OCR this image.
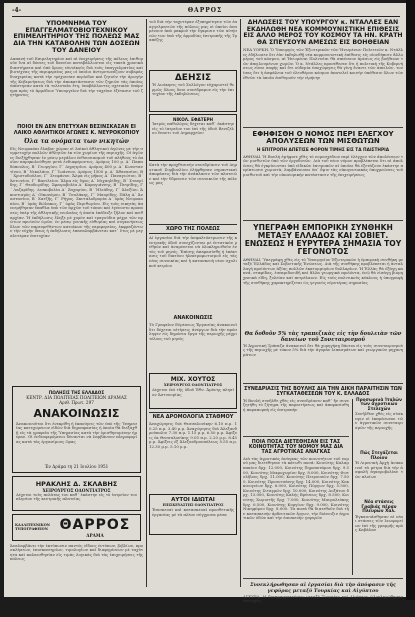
-4-	ΘΑΡΡΟΣ

ΥΠΟΜΝΗΜΑ ΤΟΥ ΕΠΑΓΓΕΛΜΑΤΟΒΙΟΤΕΧΝΙΚΟΥ ΕΠΙΜΕΛΗΤΗΡΙΟΥ ΤΗΣ ΠΟΛΕΩΣ ΜΑΣ ΔΙΑ ΤΗΝ ΚΑΤΑΒΟΛΗΝ ΤΩΝ ΔΟΣΕΩΝ ΤΟΥ ΔΑΝΕΙΟΥ

Δαπανή τοῦ Επιμελητηρίου καὶ αἱ ἐπιχειρήσεις τῆς πόλεως ἐπιθυμοῦν ἵνα αἱ δόσεις τοῦ δανείου καταβάλλωνται εἰς τακτὰ χρονικὰ διαστήματα καὶ ὑπὸ ὅρους εὐνοϊκούς διὰ τοὺς ἐπαγγελματίας καὶ βιοτέχνας τῆς περιφερείας μας οἱ ὁποῖοι ἀντιμετωπίζουν σοβαρὰς δυσχερείας κατὰ τὴν τρέχουσαν περίοδον καὶ ζητοῦν τὴν ἀρωγὴν τῆς Κυβερνήσεως διὰ τὴν ἀποκατάστασιν τῶν ζημιῶν τὰς ὁποίας ὑπέστησαν κατὰ τὰ τελευταῖα ἔτη, ὑποβάλλοντες σχετικὸν ὑπόμνημα πρὸς τὸ ἁρμόδιον Ὑπουργεῖον διὰ τὴν ταχεῖαν ἐξέτασιν τοῦ ζητήματος

ΠΟΙΟΙ ΕΝ ΔΕΝ ΕΠΕΤΥΧΑΝ ΒΕΣΙΝΣΚΑΣΑΝ ΕΙ ΛΑΙΚΟ ΑΘΛΗΤΙΚΟΙ ΑΓΩΝΕΣ Κ. ΝΕΥΡΟΚΟΠΙΟΥ

Όλα τα ονόματα των νικητών

Εἰς Νευροκόπι ἔλαβον χώραν οἱ λαϊκοὶ ἀθλητικοὶ ἀγῶνες μὲ τὴν συμμετοχὴν πολλῶν ἀθλητῶν ἐκ τῶν χωρίων τῆς περιοχῆς. Οἱ ἀγῶνες διεξήχθησαν ἐν μέσῳ μεγάλου ἐνθουσιασμοῦ τοῦ πλήθους τὸ ὁποῖον παρηκολούθησε μετὰ ἐνδιαφέροντος. Δρόμος 100 μ. Α΄ Παπαδόπουλος, Β΄ Γεωργίου, Γ΄ Δημητρίου. Δρόμος 400 μ. Α΄ Κωνσταντίνου, Β΄ Νικολάου, Γ΄ Ἰωάννου. Δρόμος 1500 μ. Α΄ Ἀθανασίου, Β΄ Χριστοδούλου, Γ΄ Στεφάνου. Ἅλμα εἰς μῆκος Α΄ Παναγιώτου, Β΄ Ἀντωνίου, Γ΄ Βασιλείου. Ἅλμα εἰς ὕψος Α΄ Μιχαηλίδης, Β΄ Σταυρίδης, Γ΄ Θεοδωρίδης. Σφαιροβολία Α΄ Καραγιάννης, Β΄ Πετρίδης, Γ΄ Λαζαρίδης. Δισκοβολία Α΄ Ζαχαρίου, Β΄ Ἠλιάδης, Γ΄ Ἀλεξίου. Ἀκοντισμὸς Α΄ Οἰκονόμου, Β΄ Τσολάκης, Γ΄ Μαυρίδης. Πάλη Α΄ Ἀναστασίου, Β΄ Χατζῆς, Γ΄ Ρήγας. Σκυταλοδρομία Α΄ ὁμὰς Νευροκοπίου, Β΄ ὁμὰς Βώλακος, Γ΄ ὁμὰς Περιθωρίου. Εἰς τοὺς νικητὰς ἀπενεμήθησαν ἔπαθλα ὑπὸ τῶν ἀρχῶν τοῦ τόπου καὶ ἐγένοντο προπόσεις ὑπὲρ τῆς ἀθλητικῆς νεολαίας ἡ ὁποία ἐπέδειξε ζῆλον καὶ πειθαρχίαν. Ἡ ἐκδήλωσις ἔληξε μὲ χορὸν καὶ τραγούδια μέχρι τῶν πρώτων πρωϊνῶν ὡρῶν, ἐν μέσῳ γενικῆς εὐθυμίας καὶ συγκινήσεως ὅλων τῶν παρευρεθέντων κατοίκων τῆς περιφερείας, ἐκφραζόντων τὴν εὐχὴν ὅπως ἡ ἐκδήλωσις ἐπαναλαμβάνεται κατ᾽ ἔτος μὲ μεγαλυτέραν ἐπιτυχίαν

ΠΩΛΗΣΙΣ ΤΗΣ ΕΛΛΑΔΟΣ
ΚΕΝΤΡ. ΔΙΑ ΠΟΛΙΤΕΙΑΣ ΠΟΛΙΤΕΙΩΝ ΔΡΑΜΑΣ
Αριθ. Πρωτ. 297
ΑΝΑΚΟΙΝΩΣΙΣ

Ἀνακοινοῦται ὅτι ἐνεκρίθη ἡ ἐκποίησις τῶν ὑπὸ τῆς Ὑπηρεσίας κατεχομένων εἰδῶν διὰ δημοπρασίας ἡ ὁποία θὰ διεξαχθῇ εἰς τὰ γραφεῖα τῆς Ὑπηρεσίας κατὰ τὴν ὁρισθησομένην ἡμέραν. Οἱ ἐνδιαφερόμενοι δύνανται νὰ λαμβάνουν πληροφορίας κατὰ τὰς ἐργασίμους ὥρας

Έν Δράμα τη 21 Ιουλίου 1951
ΗΡΑΚΛΗΣ Δ. ΣΚΛΑΒΗΣ
ΧΕΙΡΟΥΡΓΟΣ ΟΔΟΝΤΙΑΤΡΟΣ

Δέχεται τοὺς πελάτας του καθ᾽ ἑκάστην εἰς τὸ ἰατρεῖον του πλησίον τῆς κεντρικῆς πλατείας

ΚΑΛΛΙΤΕΧΝΙΚΟΝ ΤΥΠΟΓΡΑΦΕΙΟΝ ΘΑΡΡΟΣ
ΔΡΑΜΑ

Ἀναλαμβάνει τὴν ἐκτύπωσιν παντὸς εἴδους ἐντύπων, βιβλίων, προσκλήσεων, ἐπισκεπτηρίων, τιμολογίων καὶ διαφημίσεων μὲ ταχύτητα καὶ καλαισθησίαν εἰς τιμὰς λογικὰς διὰ τὰς ἐπιχειρήσεις τῆς πόλεως

τοῦ διὰ τὴν ταχυτέραν ἐξυπηρέτησιν τῶν ἐπαγγελματιῶν τῆς πόλεως μας οἱ ὁποῖοι ἀναμένουν ἀπὸ μακροῦ τὴν ἔγκρισιν τῶν αἰτήσεών των ὑπὸ τῆς ἁρμοδίας ἐπιτροπῆς τῆς Τραπέζης

ΔΕΗΣΙΣ

Ἡ Διοίκησις τοῦ Συλλόγου εὐχαριστεῖ θερμῶς ὅλους ὅσοι συνέδραμον εἰς τὴν ἐπιτυχίαν τῆς ἐκδηλώσεως

ΝΙΚΟΛ. ΕΦΑΤΕΡΗ

Ἰατρὸς παθολόγος δέχεται καθ᾽ ἑκάστην εἰς τὸ ἰατρεῖον του ἐπὶ τῆς ὁδοῦ Βενιζέλου ἔναντι τοῦ Δημαρχείου

Κατὰ τὴν προχθεσινὴν συνεδρίασιν τοῦ Δημοτικοῦ Συμβουλίου ἐλήφθησαν σημαντικαὶ ἀποφάσεις διὰ τὴν ἀνάπλασιν τῶν πλατειῶν καὶ τὴν ὕδρευσιν τῶν συνοικιῶν τῆς πόλεως μας

ΧΩΡΟ ΤΗΣ ΠΟΛΕΩΣ

Αἱ ἐργασίαι διὰ τὴν ἀσφαλτόστρωσιν τῆς κεντρικῆς ὁδοῦ συνεχίζονται μὲ ἐντατικὸν ρυθμὸν καὶ ἀναμένεται νὰ ὁλοκληρωθοῦν ἐντὸς τοῦ μηνός. Ἐπίσης ἀπεφασίσθη ἡ ἐπέκτασις τοῦ δικτύου ἠλεκτροφωτισμοῦ εἰς τὰς νέας συνοικίας καὶ ἡ κατασκευὴ νέου σχολικοῦ κτιρίου

ΑΝΑΚΟΙΝΩΣΙΣ

Τὸ Γραφεῖον Εὑρέσεως Ἐργασίας ἀνακοινοῖ ὅτι δέχεται αἰτήσεις ἀνέργων διὰ τὴν πρόσληψιν εἰς δημόσια ἔργα τῆς περιοχῆς μέχρι τέλους τοῦ μηνός

ΜΙΧ. ΧΟΥΤΟΣ
ΧΕΙΡΟΥΡΓΟΣ ΟΔΟΝΤΙΑΤΡΟΣ

Δέχεται ἐπὶ τῆς ὁδοῦ Ἐθν. Ἀμύνης πλησίον Ἀστυνομίας

ΝΕΑ ΔΡΟΜΟΛΟΓΙΑ ΣΤΑΘΜΟΥ

Ἀναχώρησις διὰ Θεσσαλονίκην 6.10 π.μ. 10.25 π.μ. 3.40 μ.μ. Ἀναχώρησις διὰ Ἀλεξανδρούπολιν 7.30 π.μ. 1.15 μ.μ. 6.50 μ.μ. Ἀφίξεις ἐκ Θεσσαλονίκης 9.05 π.μ. 2.20 μ.μ. 8.45 μ.μ. Ἀφίξεις ἐξ Ἀλεξανδρουπόλεως 5.55 π.μ. 12.30 μ.μ. 5.10 μ.μ.

ΑΥΤΟΙ ΙΔΙΩΤΑΙ
ΕΠΙΣΚΕΥΑΣΤΗΣ ΟΔΟΝΤΙΑΤΡΟΣ

Ἐπισκευαὶ καὶ κατασκευαὶ προσθετικῆς ἐργασίας μὲ τὰ πλέον σύγχρονα μέσα

ΔΗΛΩΣΕΙΣ ΤΟΥ ΥΠΟΥΡΓΟΥ κ. ΝΤΑΛΛΕΣ ΕΑΝ ΕΚΔΗΛΩΘΗ ΝΕΑ ΚΟΜΜΟΥΝΙΣΤΙΚΗ ΕΠΙΘΕΣΙΣ ΕΙΣ ΑΛΛΟ ΜΕΡΟΣ ΤΟΥ ΚΟΣΜΟΥ ΤΑ ΗΝ. ΚΡΑΤΗ ΘΑ ΣΠΕΥΣΟΥΝ ΑΜΕΣΩΣ ΕΙΣ ΒΟΗΘΕΙΑΝ

ΝΕΑ ΥΟΡΚΗ. Ὁ Ὑπουργὸς τῶν Ἐξωτερικῶν τῶν Ἡνωμένων Πολιτειῶν κ. Ντάλλες ἐδήλωσεν ὅτι ἐὰν ἐκδηλωθῇ νέα κομμουνιστικὴ ἐπίθεσις εἰς οἱονδήποτε ἄλλο μέρος τοῦ κόσμου, αἱ Ἡνωμέναι Πολιτεῖαι θὰ σπεύσουν ἀμέσως εἰς βοήθειαν τῶν ἀπειλουμένων χωρῶν. Ὁ κ. Ντάλλες προσέθεσεν ὅτι ἡ πολιτικὴ τῆς Κυβερνήσεως εἶναι σαφὴς καὶ ὅτι οὐδεμία ὑποχώρησις θὰ γίνῃ ἔναντι τῶν ἀπειλῶν, τονίσας ὅτι ἡ ἀσφάλεια τοῦ ἐλευθέρου κόσμου ἀποτελεῖ κοινὴν ὑπόθεσιν ὅλων τῶν ἐθνῶν τὰ ὁποῖα ἐπιθυμοῦν τὴν εἰρήνην

ΕΦΗΦΙΣΘΗ Ο ΝΟΜΟΣ ΠΕΡΙ ΕΛΕΓΧΟΥ ΑΠΟΛΥΣΕΩΝ ΤΩΝ ΜΙΣΘΩΤΩΝ

Η ΕΠΙΤΡΟΠΗ ΑΠΕΤΙΣΕ ΦΟΡΟΝ ΤΙΜΗΣ ΕΙΣ ΤΑ ΠΑΙΣΤΗΡΙΑ

ΑΘΗΝΑΙ. Ἡ Βουλὴ ἐψήφισε χθὲς τὸ νομοσχέδιον περὶ ἐλέγχου τῶν ἀπολύσεων τῶν μισθωτῶν ὑπὸ τῶν ἐργοδοτῶν. Διὰ τοῦ νέου νόμου προβλέπεται ὅτι αἱ ἀπολύσεις θὰ ἐγκρίνωνται ὑπὸ εἰδικῶν ἐπιτροπῶν αἱ ὁποῖαι θὰ ἐξετάζουν ἑκάστην περίπτωσιν χωριστὰ, λαμβάνουσαι ὑπ᾽ ὄψιν τὰς οἰκογενειακὰς ὑποχρεώσεις τοῦ μισθωτοῦ καὶ τὴν οἰκονομικὴν κατάστασιν τῆς ἐπιχειρήσεως

ΥΠΕΓΡΑΦΗ ΕΜΠΟΡΙΚΗ ΣΥΝΘΗΚΗ ΜΕΤΑΞΥ ΕΛΛΑΔΟΣ ΚΑΙ ΣΟΒΙΕΤ. ΕΝΩΣΕΩΣ Η ΕΥΡΥΤΕΡΑ ΣΗΜΑΣΙΑ ΤΟΥ ΓΕΓΟΝΟΤΟΣ

ΑΘΗΝΑΙ. Ὑπεγράφη χθὲς εἰς τὸ Ὑπουργεῖον Ἐξωτερικῶν ἡ ἐμπορικὴ συνθήκη μεταξὺ Ἑλλάδος καὶ Σοβιετικῆς Ἑνώσεως. Διὰ τῆς συνθήκης προβλέπεται ἡ ἀνταλλαγὴ προϊόντων ἀξίας πολλῶν ἑκατομμυρίων δολλαρίων. Ἡ Ἑλλὰς θὰ ἐξάγῃ καπνά, σταφίδας, ἐσπεριδοειδῆ καὶ ἄλλα γεωργικὰ προϊόντα, ἐνῷ θὰ εἰσάγῃ βιομηχανικὰ εἴδη, ξυλείαν καὶ πετρέλαιον. Εἰς τοὺς πολιτικοὺς κύκλους ἡ ὑπογραφὴ τῆς συνθήκης χαρακτηρίζεται ὡς γεγονὸς εὐρυτέρας σημασίας

Θα δοθοῦν 5% τὰς τραπεζικὰς εἰς τὴν δουλειὰν τῶν δανείων τοῦ Συνεταιρισμοῦ

Ἡ Ἀγροτικὴ Τράπεζα ἀνακοινοῖ ὅτι θὰ χορηγήσῃ δάνεια εἰς τοὺς συνεταιρισμοὺς τῆς περιοχῆς μὲ τόκον 5% διὰ τὴν ἀγορὰν λιπασμάτων καὶ γεωργικῶν μηχανημάτων

ΣΥΝΕΔΡΙΑΣΙΣ ΤΗΣ ΒΟΥΛΗΣ ΔΙΑ ΤΗΝ ΔΙΚΗ ΠΑΡΑΙΤΗΣΙΝ ΤΩΝ ΣΥΓΚΑΤΑΘΕΣΕΩΝ ΤΟΥ Κ. ΕΛΛΑΔΟΣ

Ἡ Βουλὴ συνῆλθε χθὲς εἰς συνεδρίασιν καθ᾽ ἣν συνεζητήθη τὸ ζήτημα τῆς παραιτήσεως καὶ ἀπεφασίσθη ἡ παραπομπὴ εἰς ἐπιτροπήν

ΠΟΙΑ ΠΟΣΑ ΔΙΕΤΕΘΗΣΑΝ ΕΙΣ ΤΑΣ ΚΟΙΝΟΤΗΤΑΣ ΤΟΥ ΝΟΜΟΥ ΜΑΣ ΔΙΑ ΤΑΣ ΑΓΡΟΤΙΚΑΣ ΑΝΑΓΚΑΣ

Διὰ τὰς ἀγροτικὰς ἀνάγκας τῶν κοινοτήτων τοῦ νομοῦ μας διετέθησαν τὰ κάτωθι ποσά: Κοινότης Καλαμπακίου δρχ. 12.000, Κοινότης Ξηροποτάμου δρχ. 9.500, Κοινότης Μικροχωρίου δρχ. 8.000, Κοινότης Φωτολίβους δρχ. 11.000, Κοινότης Πετρουσῶν δρχ. 7.500, Κοινότης Προσοτσάνης δρχ. 14.000, Κοινότης Κοκκινογείων δρχ. 6.000, Κοινότης Πύργων δρχ. 5.500, Κοινότης Σιταγρῶν δρχ. 10.000, Κοινότης Δοξάτου δρχ. 13.000, Κοινότης Καλής Βρύσεως δρχ. 8.500, Κοινότης Χωριστῆς δρχ. 7.000, Κοινότης Μαυρολεύκης δρχ. 6.500, Κοινότης Κυργίων δρχ. 9.000, Κοινότης Νικηφόρου δρχ. 8.000. Τὰ ποσὰ θὰ διατεθοῦν διὰ τὴν κατασκευὴν ἀρδευτικῶν ἔργων, τὴν διάνοιξιν ἀγροτικῶν ὁδῶν καὶ τὴν ἐπισκευὴν γεφυρῶν

Προσωρινὰ Ἰταλῶν τῶν ἀγροτικῶν Στελεχῶν

Συνῆλθον χθὲς εἰς σύσκεψιν οἱ ἐκπρόσωποι τῶν ἀγροτικῶν συνεταιρισμῶν τῆς περιοχῆς

Πώς Στεγάζεται Πλοῖον

Ἡ Λιμενικὴ Ἀρχὴ ἀνακοινοῖ τὰ μέτρα διὰ τὴν ἀσφαλῆ ἀγκυροβολίαν τῶν πλοίων

Νέα στάσεις Γραβιάς πέραν Πλευρῶν Χαλ.

Ἐγκαινιάσθησαν αἱ νέαι στάσεις τῶν λεωφορείων ἐπὶ τῆς γραμμῆς πρὸς Καβάλαν

Συνεκλήρωθησαν αἱ ἐργασίαι διὰ τὴν ἀπόφασιν τῆς γεφύρας μεταξύ Τουρκίας καὶ Αἰγύπτου

ΑΓΚΥΡΑ. Αἱ διαπραγματεύσεις μεταξὺ Τουρκίας καὶ Αἰγύπτου ὡλοκληρώθησαν ἐπιτυχῶς
